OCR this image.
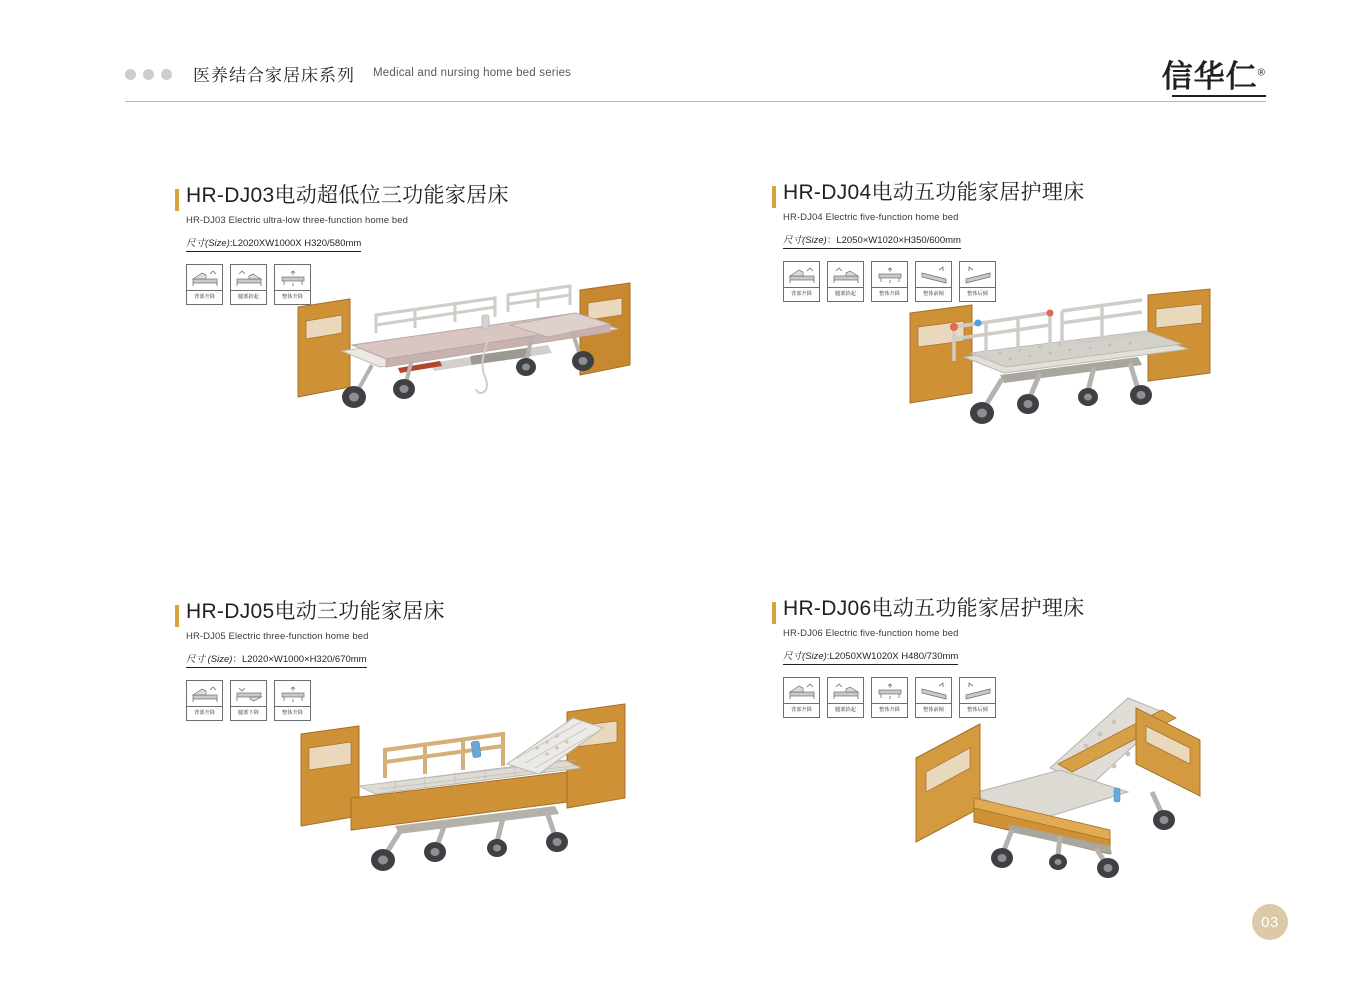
医养结合家居床系列 Medical and nursing home bed series	信华仁®
HR-DJ03电动超低位三功能家居床
HR-DJ03 Electric ultra-low three-function home bed
尺寸(Size):L2020XW1000X H320/580mm
背部升降	腿部抬起	整体升降
HR-DJ04电动五功能家居护理床
HR-DJ04 Electric five-function home bed
尺寸(Size)：L2050×W1020×H350/600mm
背部升降	腿部抬起	整体升降	整体前倾	整体后倾
HR-DJ05电动三功能家居床
HR-DJ05 Electric three-function home bed
尺寸 (Size)：L2020×W1000×H320/670mm
背部升降	腿部下降	整体升降
HR-DJ06电动五功能家居护理床
HR-DJ06 Electric five-function home bed
尺寸(Size):L2050XW1020X H480/730mm
背部升降	腿部抬起	整体升降	整体前倾	整体后倾
03
